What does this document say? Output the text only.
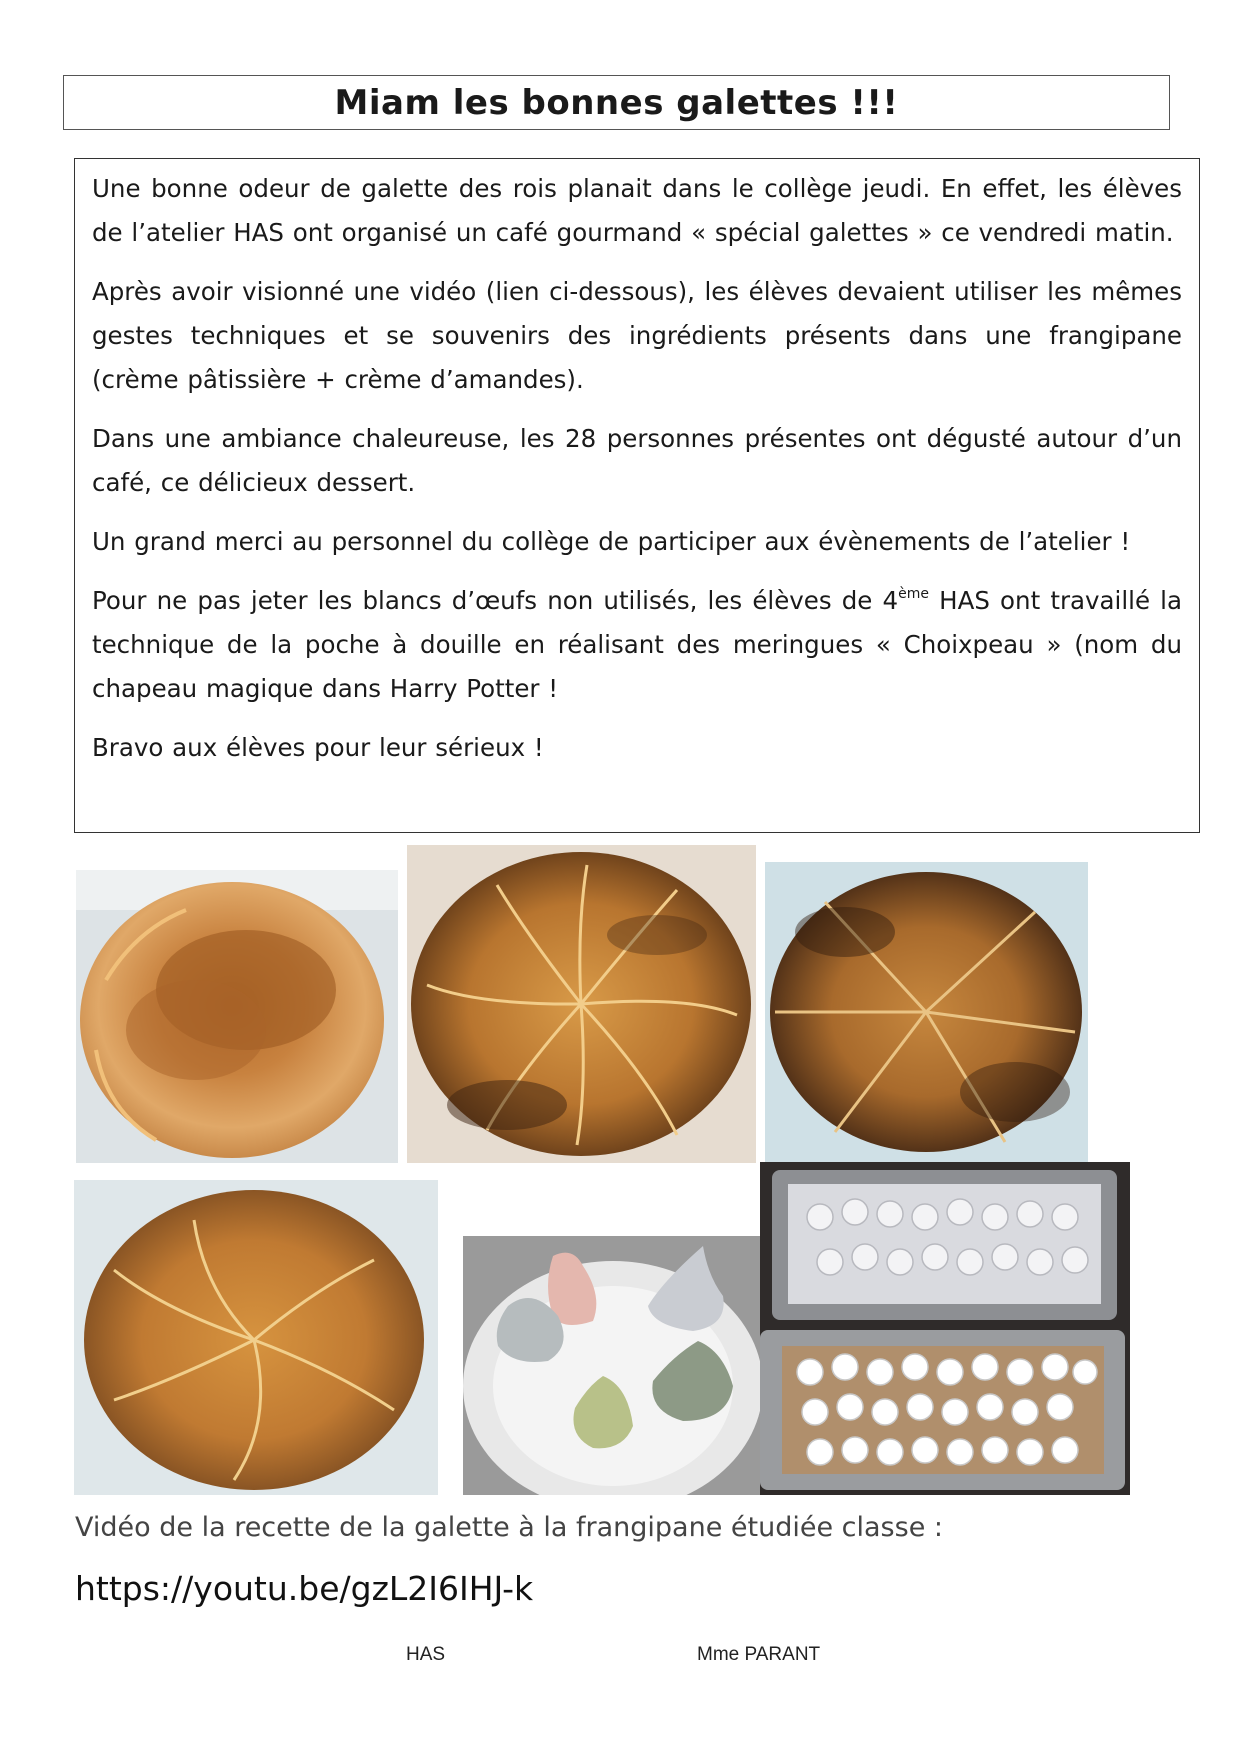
Miam les bonnes galettes !!!

Une bonne odeur de galette des rois planait dans le collège jeudi. En effet, les élèves de l’atelier HAS ont organisé un café gourmand « spécial galettes » ce vendredi matin.

Après avoir visionné une vidéo (lien ci-dessous), les élèves devaient utiliser les mêmes gestes techniques et se souvenirs des ingrédients présents dans une frangipane (crème pâtissière + crème d’amandes).

Dans une ambiance chaleureuse, les 28 personnes présentes ont dégusté autour d’un café, ce délicieux dessert.

Un grand merci au personnel du collège de participer aux évènements de l’atelier !

Pour ne pas jeter les blancs d’œufs non utilisés, les élèves de 4ème HAS ont travaillé la technique de la poche à douille en réalisant des meringues « Choixpeau » (nom du chapeau magique dans Harry Potter !

Bravo aux élèves pour leur sérieux !

Vidéo de la recette de la galette à la frangipane étudiée classe :

https://youtu.be/gzL2I6IHJ-k
HAS	Mme PARANT
